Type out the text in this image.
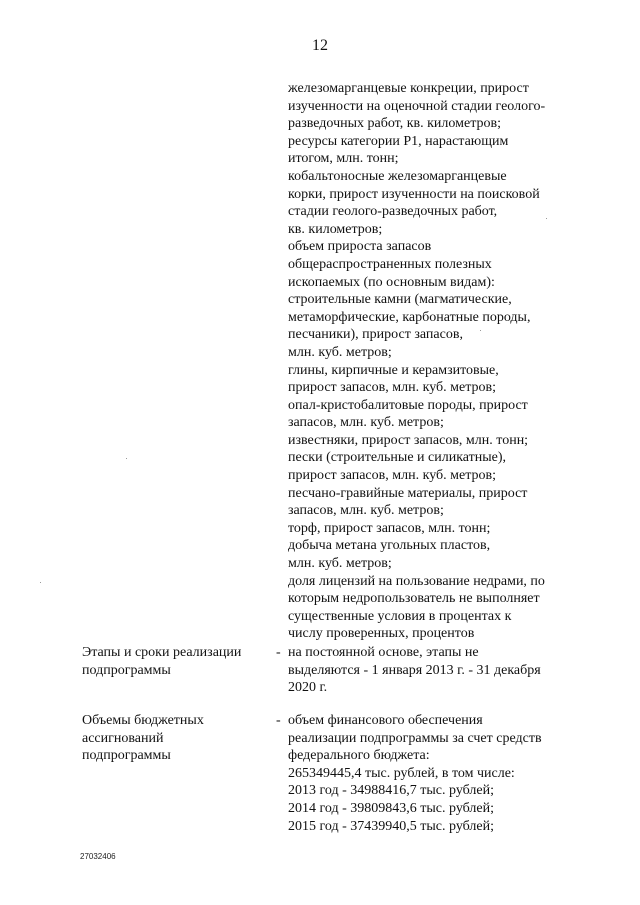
12
железомарганцевые конкреции, прирост
изученности на оценочной стадии геолого-
разведочных работ, кв. километров;
ресурсы категории Р1, нарастающим
итогом, млн. тонн;
кобальтоносные железомарганцевые
корки, прирост изученности на поисковой
стадии геолого-разведочных работ,
кв. километров;
объем прироста запасов
общераспространенных полезных
ископаемых (по основным видам):
строительные камни (магматические,
метаморфические, карбонатные породы,
песчаники), прирост запасов,
млн. куб. метров;
глины, кирпичные и керамзитовые,
прирост запасов, млн. куб. метров;
опал-кристобалитовые породы, прирост
запасов, млн. куб. метров;
известняки, прирост запасов, млн. тонн;
пески (строительные и силикатные),
прирост запасов, млн. куб. метров;
песчано-гравийные материалы, прирост
запасов, млн. куб. метров;
торф, прирост запасов, млн. тонн;
добыча метана угольных пластов,
млн. куб. метров;
доля лицензий на пользование недрами, по
которым недропользователь не выполняет
существенные условия в процентах к
числу проверенных, процентов
Этапы и сроки реализации
подпрограммы
- на постоянной основе, этапы не
выделяются - 1 января 2013 г. - 31 декабря
2020 г.
Объемы бюджетных
ассигнований
подпрограммы
- объем финансового обеспечения
реализации подпрограммы за счет средств
федерального бюджета:
265349445,4 тыс. рублей, в том числе:
2013 год - 34988416,7 тыс. рублей;
2014 год - 39809843,6 тыс. рублей;
2015 год - 37439940,5 тыс. рублей;
27032406
